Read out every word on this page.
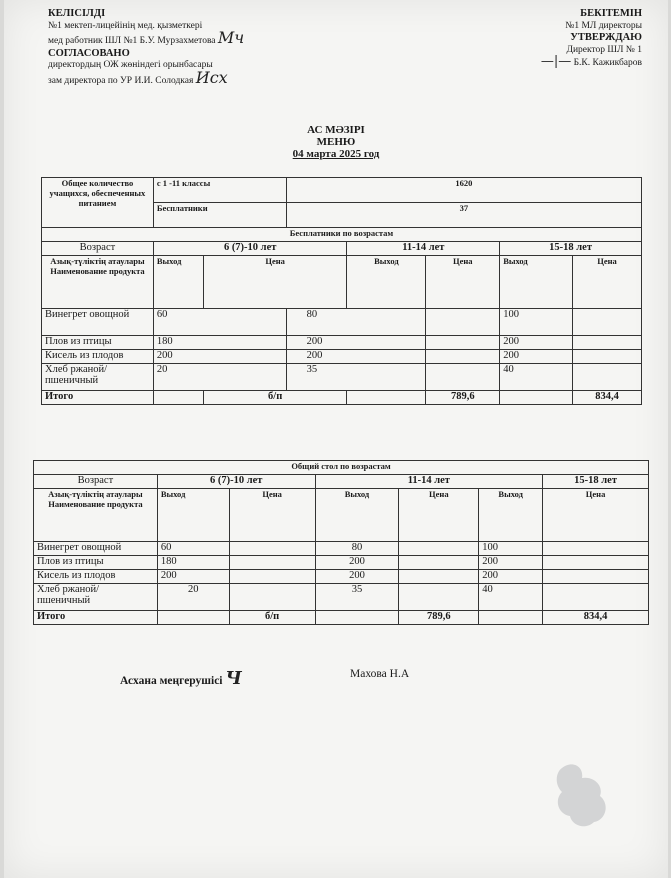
КЕЛІСІЛДІ
№1 мектеп-лицейінің мед. қызметкері
мед работник ШЛ №1 Б.У. Мурзахметова Мч
СОГЛАСОВАНО
директордың ОЖ жөніндегі орынбасары
зам директора по УР И.И. Солодкая Исх
БЕКІТЕМІН
№1 МЛ директоры
УТВЕРЖДАЮ
Директор ШЛ № 1
—|— Б.К. Кажикбаров
АС МӘЗІРІ
МЕНЮ
04 марта 2025 год
Общее количество учащихся, обеспеченных питанием	с 1 -11 классы		1620				
	Бесплатники		37				
Бесплатники по возрастам							
Возраст	6 (7)-10 лет			11-14 лет		15-18 лет	
Азық-түліктің атаулары Наименование продукта	Выход	Цена		Выход	Цена	Выход	Цена
Винегрет овощной	60		80			100	
Плов из птицы	180		200			200	
Кисель из плодов	200		200			200	
Хлеб ржаной/ пшеничный	20		35			40	
Итого		б/п			789,6		834,4
Общий стол по возрастам						
Возраст	6 (7)-10 лет		11-14 лет			15-18 лет
Азық-түліктің атаулары Наименование продукта	Выход	Цена	Выход	Цена	Выход	Цена
Винегрет овощной	60		80		100	
Плов из птицы	180		200		200	
Кисель из плодов	200		200		200	
Хлеб ржаной/ пшеничный	20		35		40	
Итого		б/п		789,6		834,4
Асхана меңгерушісі Ч	Махова Н.А
